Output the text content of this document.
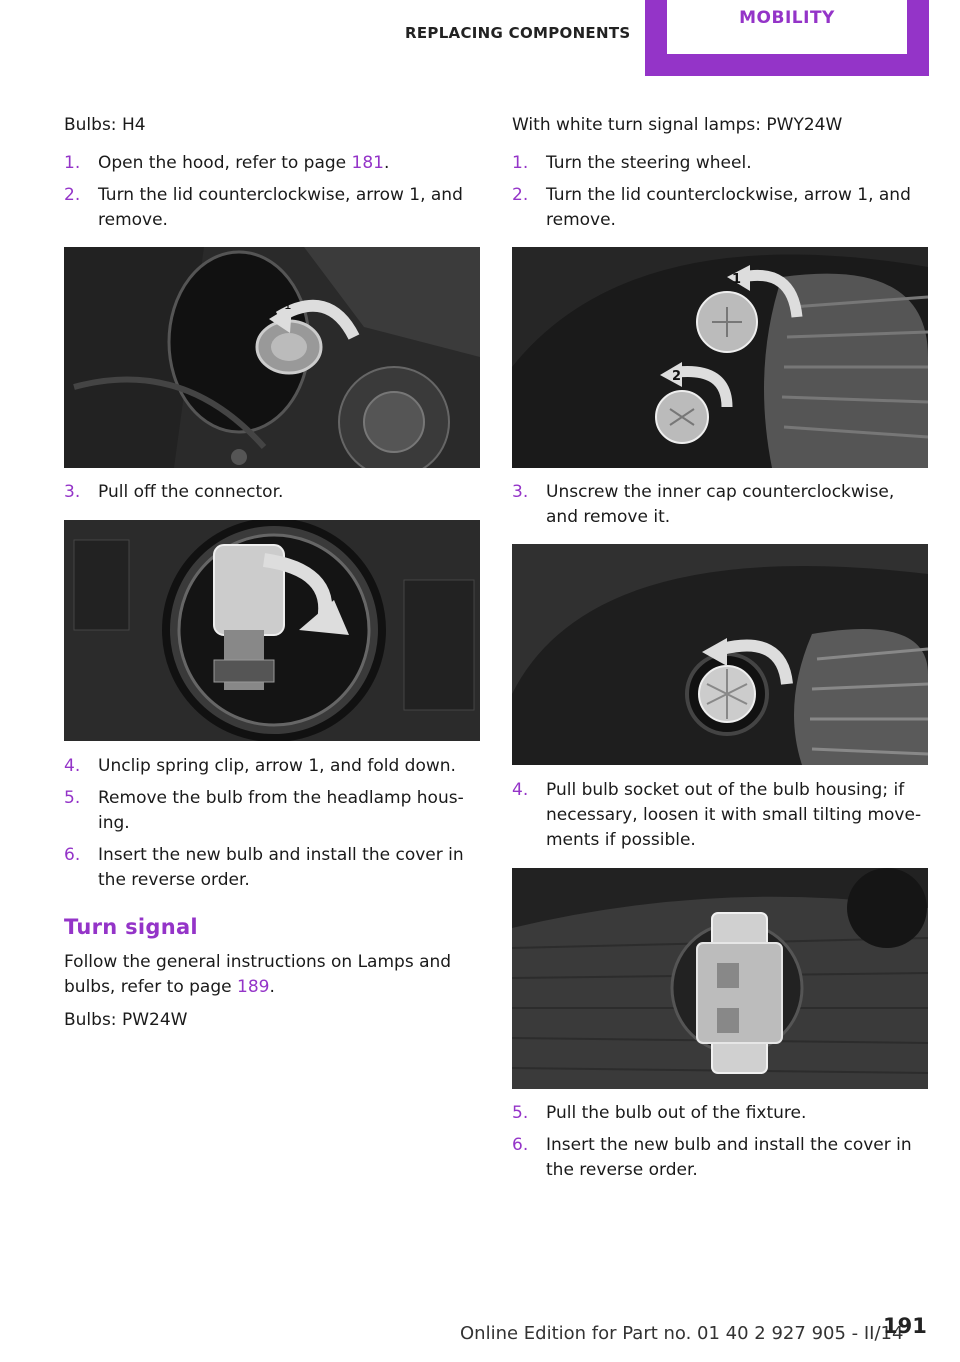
REPLACING COMPONENTS
MOBILITY
Bulbs: H4
1. Open the hood, refer to page 181.
2. Turn the lid counterclockwise, arrow 1, and remove.
1
3. Pull off the connector.
4. Unclip spring clip, arrow 1, and fold down.
5. Remove the bulb from the headlamp hous‐ing.
6. Insert the new bulb and install the cover in the reverse order.
Turn signal
Follow the general instructions on Lamps and bulbs, refer to page 189.
Bulbs: PW24W
With white turn signal lamps: PWY24W
1. Turn the steering wheel.
2. Turn the lid counterclockwise, arrow 1, and remove.
1
2
3. Unscrew the inner cap counterclockwise, and remove it.
4. Pull bulb socket out of the bulb housing; if necessary, loosen it with small tilting move‐ments if possible.
5. Pull the bulb out of the fixture.
6. Insert the new bulb and install the cover in the reverse order.
Online Edition for Part no. 01 40 2 927 905 - II/14
191
